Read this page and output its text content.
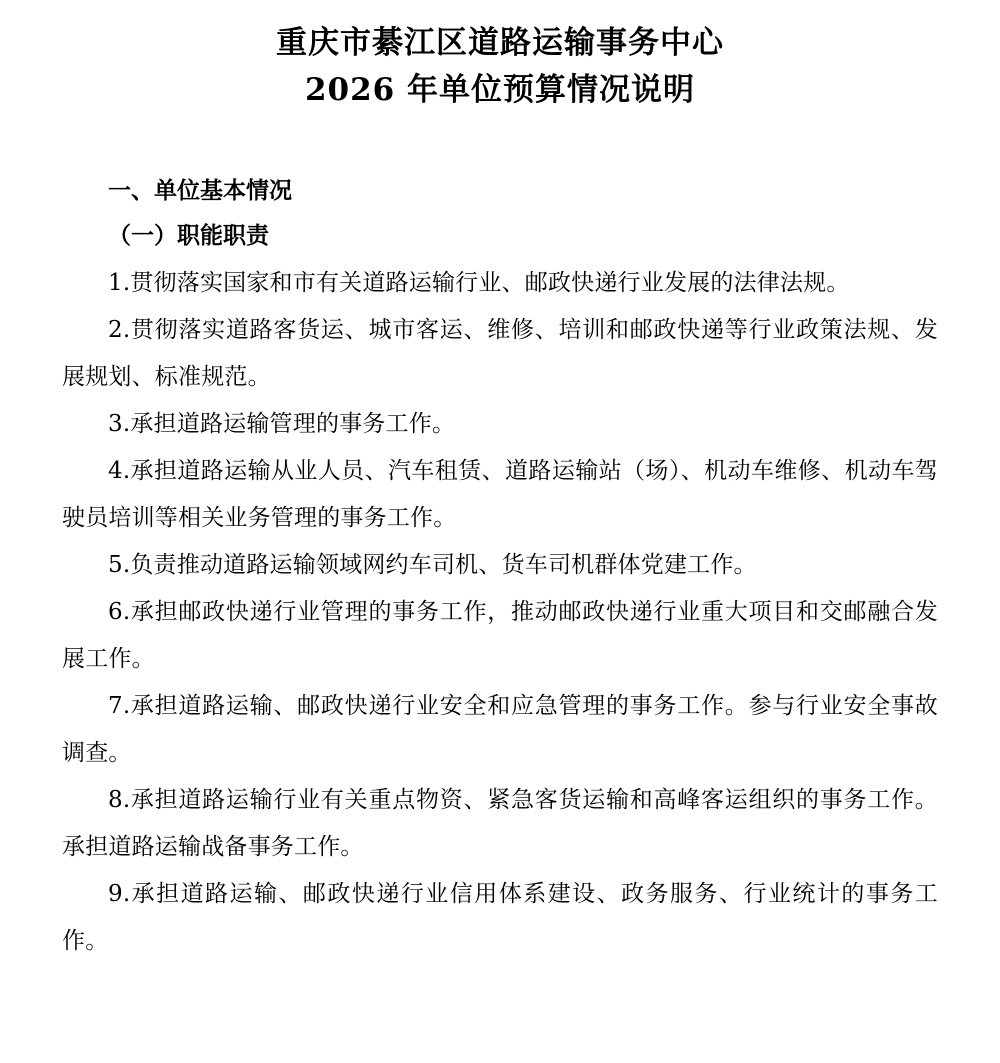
重庆市綦江区道路运输事务中心
2026 年单位预算情况说明
一、单位基本情况
（一）职能职责

1.贯彻落实国家和市有关道路运输行业、邮政快递行业发展的法律法规。

2.贯彻落实道路客货运、城市客运、维修、培训和邮政快递等行业政策法规、发展规划、标准规范。

3.承担道路运输管理的事务工作。

4.承担道路运输从业人员、汽车租赁、道路运输站（场）、机动车维修、机动车驾驶员培训等相关业务管理的事务工作。

5.负责推动道路运输领域网约车司机、货车司机群体党建工作。

6.承担邮政快递行业管理的事务工作，推动邮政快递行业重大项目和交邮融合发展工作。

7.承担道路运输、邮政快递行业安全和应急管理的事务工作。参与行业安全事故调查。

8.承担道路运输行业有关重点物资、紧急客货运输和高峰客运组织的事务工作。承担道路运输战备事务工作。

9.承担道路运输、邮政快递行业信用体系建设、政务服务、行业统计的事务工作。
